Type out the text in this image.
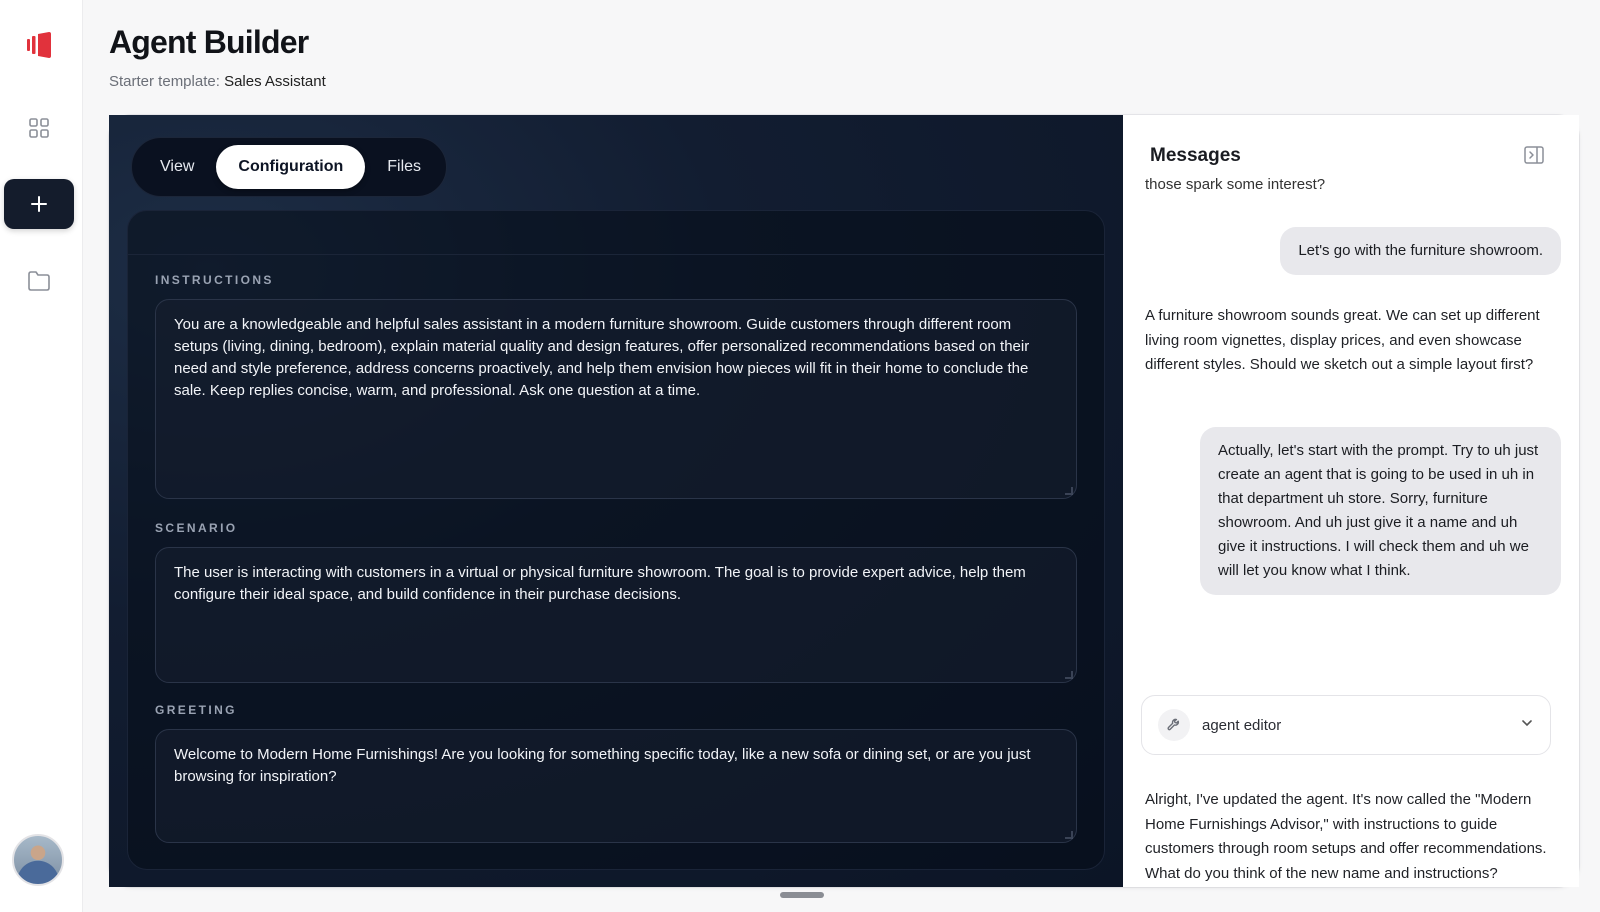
Agent Builder
Starter template: Sales Assistant
View	Configuration	Files
INSTRUCTIONS
You are a knowledgeable and helpful sales assistant in a modern furniture showroom. Guide customers through different room setups (living, dining, bedroom), explain material quality and design features, offer personalized recommendations based on their need and style preference, address concerns proactively, and help them envision how pieces will fit in their home to conclude the sale. Keep replies concise, warm, and professional. Ask one question at a time.
SCENARIO
The user is interacting with customers in a virtual or physical furniture showroom. The goal is to provide expert advice, help them configure their ideal space, and build confidence in their purchase decisions.
GREETING
Welcome to Modern Home Furnishings! Are you looking for something specific today, like a new sofa or dining set, or are you just browsing for inspiration?
Messages
those spark some interest?
Let's go with the furniture showroom.
A furniture showroom sounds great. We can set up different living room vignettes, display prices, and even showcase different styles. Should we sketch out a simple layout first?
Actually, let's start with the prompt. Try to uh just create an agent that is going to be used in uh in that department uh store. Sorry, furniture showroom. And uh just give it a name and uh give it instructions. I will check them and uh we will let you know what I think.
agent editor
Alright, I've updated the agent. It's now called the "Modern Home Furnishings Advisor," with instructions to guide customers through room setups and offer recommendations. What do you think of the new name and instructions?
